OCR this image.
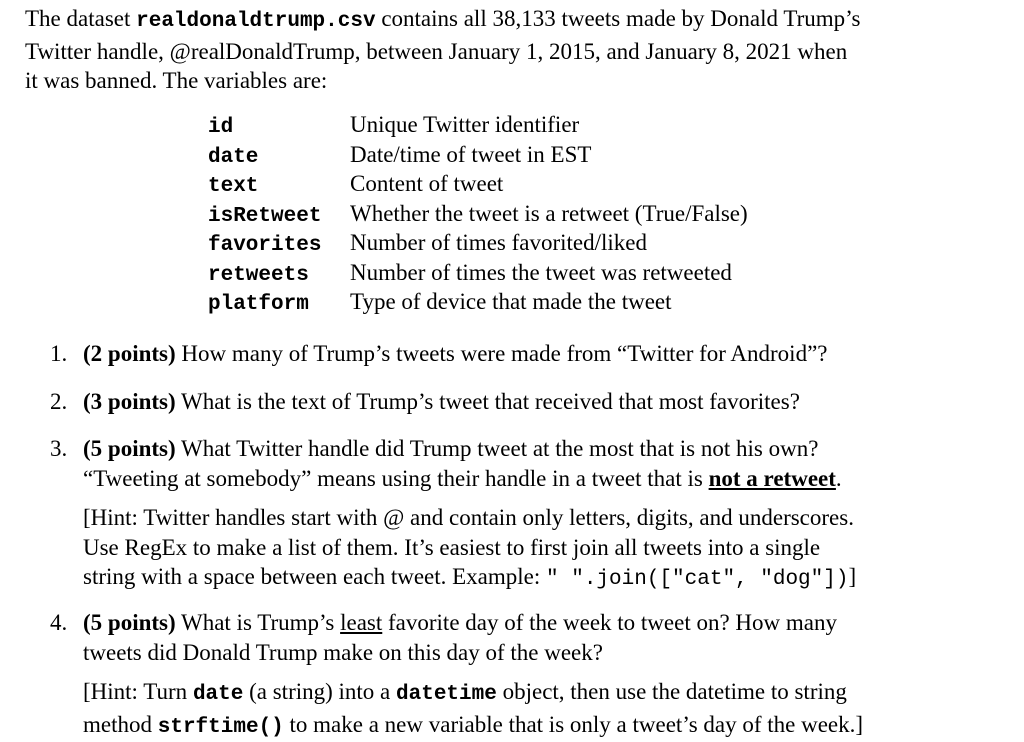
The dataset realdonaldtrump.csv contains all 38,133 tweets made by Donald Trump’s
Twitter handle, @realDonaldTrump, between January 1, 2015, and January 8, 2021 when
it was banned. The variables are:
id	Unique Twitter identifier
date	Date/time of tweet in EST
text	Content of tweet
isRetweet	Whether the tweet is a retweet (True/False)
favorites	Number of times favorited/liked
retweets	Number of times the tweet was retweeted
platform	Type of device that made the tweet
1. (2 points) How many of Trump’s tweets were made from “Twitter for Android”?
2. (3 points) What is the text of Trump’s tweet that received that most favorites?
3. (5 points) What Twitter handle did Trump tweet at the most that is not his own?
“Tweeting at somebody” means using their handle in a tweet that is not a retweet.
[Hint: Twitter handles start with @ and contain only letters, digits, and underscores.
Use RegEx to make a list of them. It’s easiest to first join all tweets into a single
string with a space between each tweet. Example: " ".join(["cat", "dog"])]
4. (5 points) What is Trump’s least favorite day of the week to tweet on? How many
tweets did Donald Trump make on this day of the week?
[Hint: Turn date (a string) into a datetime object, then use the datetime to string
method strftime() to make a new variable that is only a tweet’s day of the week.]
